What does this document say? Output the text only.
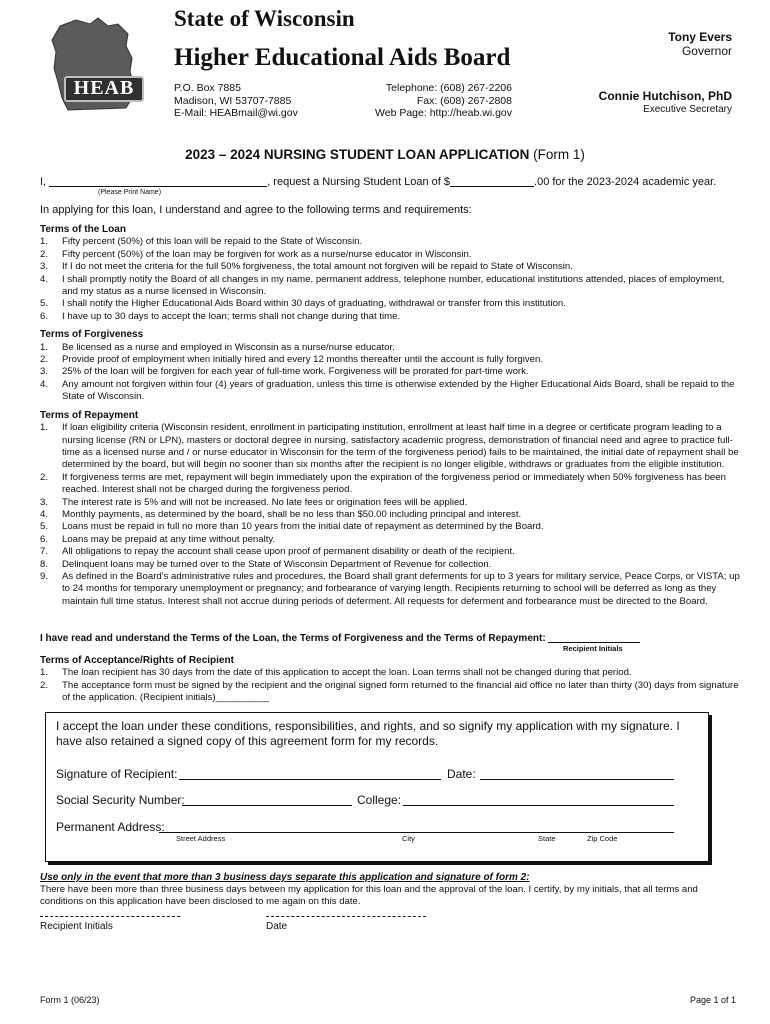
HEAB
State of Wisconsin
Higher Educational Aids Board
P.O. Box 7885
Madison, WI 53707-7885
E-Mail: HEABmail@wi.gov
Telephone: (608) 267-2206
Fax: (608) 267-2808
Web Page: http://heab.wi.gov
Tony Evers
Governor
Connie Hutchison, PhD
Executive Secretary
2023 – 2024 NURSING STUDENT LOAN APPLICATION (Form 1)
I,	, request a Nursing Student Loan of $	.00 for the 2023-2024 academic year.
(Please Print Name)
In applying for this loan, I understand and agree to the following terms and requirements:
Terms of the Loan
1. Fifty percent (50%) of this loan will be repaid to the State of Wisconsin.
2. Fifty percent (50%) of the loan may be forgiven for work as a nurse/nurse educator in Wisconsin.
3. If I do not meet the criteria for the full 50% forgiveness, the total amount not forgiven will be repaid to State of Wisconsin.
4. I shall promptly notify the Board of all changes in my name, permanent address, telephone number, educational institutions attended, places of employment, and my status as a nurse licensed in Wisconsin.
5. I shall notify the Higher Educational Aids Board within 30 days of graduating, withdrawal or transfer from this institution.
6. I have up to 30 days to accept the loan; terms shall not change during that time.
Terms of Forgiveness
1. Be licensed as a nurse and employed in Wisconsin as a nurse/nurse educator.
2. Provide proof of employment when initially hired and every 12 months thereafter until the account is fully forgiven.
3. 25% of the loan will be forgiven for each year of full-time work. Forgiveness will be prorated for part-time work.
4. Any amount not forgiven within four (4) years of graduation, unless this time is otherwise extended by the Higher Educational Aids Board, shall be repaid to the State of Wisconsin.
Terms of Repayment
1. If loan eligibility criteria (Wisconsin resident, enrollment in participating institution, enrollment at least half time in a degree or certificate program leading to a nursing license (RN or LPN), masters or doctoral degree in nursing, satisfactory academic progress, demonstration of financial need and agree to practice full-time as a licensed nurse and / or nurse educator in Wisconsin for the term of the forgiveness period) fails to be maintained, the initial date of repayment shall be determined by the board, but will begin no sooner than six months after the recipient is no longer eligible, withdraws or graduates from the eligible institution.
2. If forgiveness terms are met, repayment will begin immediately upon the expiration of the forgiveness period or immediately when 50% forgiveness has been reached. Interest shall not be charged during the forgiveness period.
3. The interest rate is 5% and will not be increased. No late fees or origination fees will be applied.
4. Monthly payments, as determined by the board, shall be no less than $50.00 including principal and interest.
5. Loans must be repaid in full no more than 10 years from the initial date of repayment as determined by the Board.
6. Loans may be prepaid at any time without penalty.
7. All obligations to repay the account shall cease upon proof of permanent disability or death of the recipient.
8. Delinquent loans may be turned over to the State of Wisconsin Department of Revenue for collection.
9. As defined in the Board's administrative rules and procedures, the Board shall grant deferments for up to 3 years for military service, Peace Corps, or VISTA; up to 24 months for temporary unemployment or pregnancy; and forbearance of varying length. Recipients returning to school will be deferred as long as they maintain full time status. Interest shall not accrue during periods of deferment. All requests for deferment and forbearance must be directed to the Board.
I have read and understand the Terms of the Loan, the Terms of Forgiveness and the Terms of Repayment:
Recipient Initials
Terms of Acceptance/Rights of Recipient
1. The loan recipient has 30 days from the date of this application to accept the loan. Loan terms shall not be changed during that period.
2. The acceptance form must be signed by the recipient and the original signed form returned to the financial aid office no later than thirty (30) days from signature of the application. (Recipient initials)__________
I accept the loan under these conditions, responsibilities, and rights, and so signify my application with my signature. I have also retained a signed copy of this agreement form for my records.
Signature of Recipient:	Date:
Social Security Number:	College:
Permanent Address:
Street Address	City	State	Zip Code
Use only in the event that more than 3 business days separate this application and signature of form 2:
There have been more than three business days between my application for this loan and the approval of the loan. I certify, by my initials, that all terms and conditions on this application have been disclosed to me again on this date.
Recipient Initials	Date
Form 1 (06/23)	Page 1 of 1
